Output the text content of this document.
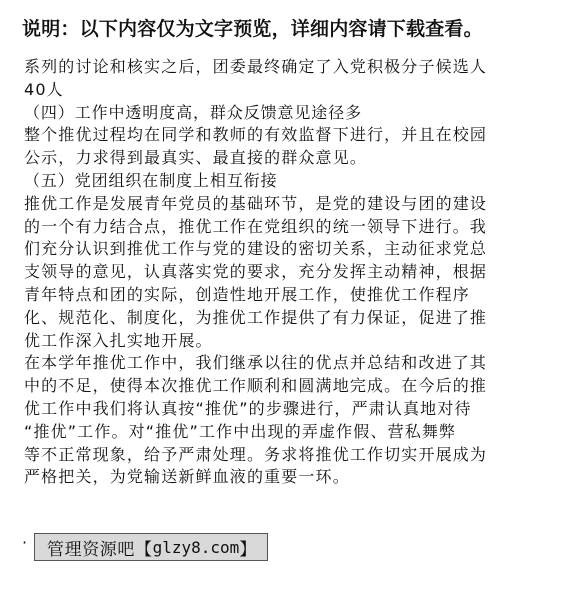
说明：以下内容仅为文字预览，详细内容请下载查看。
系列的讨论和核实之后，团委最终确定了入党积极分子候选人
40人
（四）工作中透明度高，群众反馈意见途径多
整个推优过程均在同学和教师的有效监督下进行，并且在校园
公示，力求得到最真实、最直接的群众意见。
（五）党团组织在制度上相互衔接
推优工作是发展青年党员的基础环节，是党的建设与团的建设
的一个有力结合点，推优工作在党组织的统一领导下进行。我
们充分认识到推优工作与党的建设的密切关系，主动征求党总
支领导的意见，认真落实党的要求，充分发挥主动精神，根据
青年特点和团的实际，创造性地开展工作，使推优工作程序
化、规范化、制度化，为推优工作提供了有力保证，促进了推
优工作深入扎实地开展。
在本学年推优工作中，我们继承以往的优点并总结和改进了其
中的不足，使得本次推优工作顺利和圆满地完成。在今后的推
优工作中我们将认真按“推优”的步骤进行，严肃认真地对待
“推优”工作。对“推优”工作中出现的弄虚作假、营私舞弊
等不正常现象，给予严肃处理。务求将推优工作切实开展成为
严格把关，为党输送新鲜血液的重要一环。
·	管理资源吧【 glzy8.com 】
